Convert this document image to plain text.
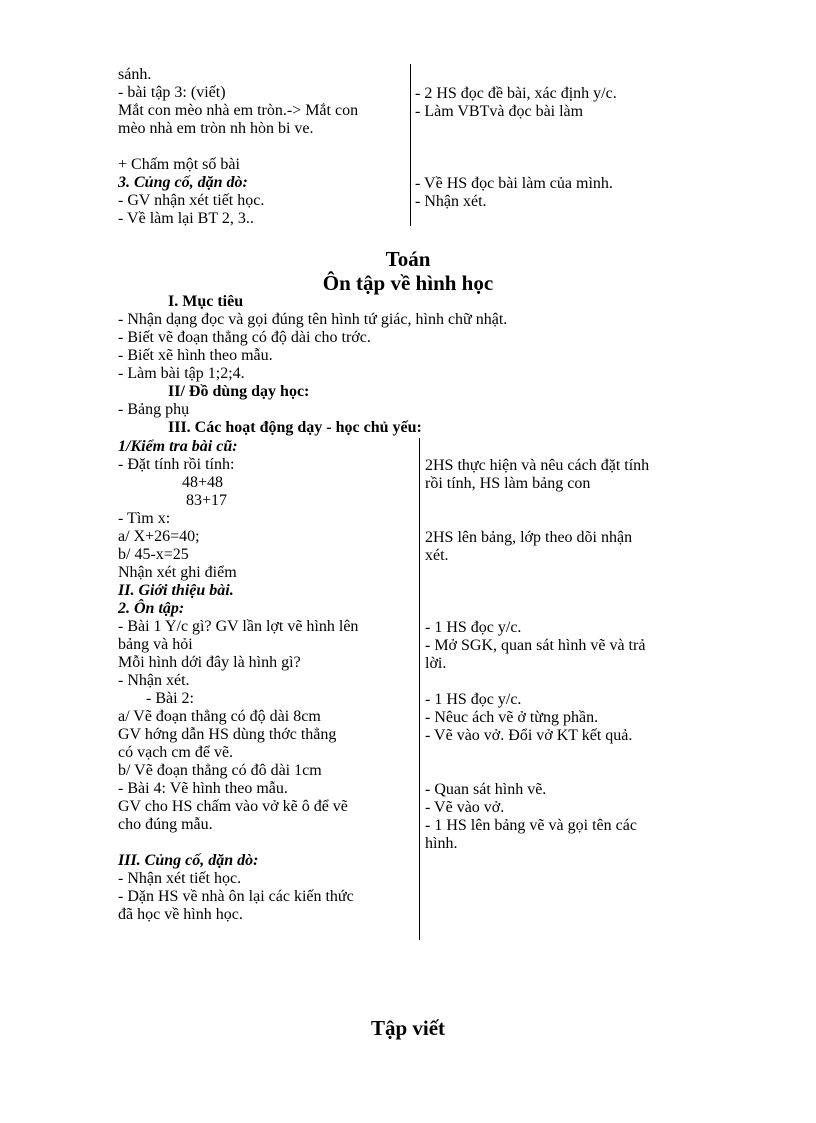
sánh.
- bài tập 3: (viết)
Mắt con mèo nhà em tròn.-> Mắt con
mèo nhà em tròn nh hòn bi ve.
+ Chấm một số bài
3. Củng cố, dặn dò:
- GV nhận xét tiết học.
- Về làm lại BT 2, 3..
- 2 HS đọc đề bài, xác định y/c.
- Làm VBTvà đọc bài làm
- Về HS đọc bài làm của mình.
- Nhận xét.
Toán
Ôn tập về hình học
I. Mục tiêu
- Nhận dạng đọc và gọi đúng tên hình tứ giác, hình chữ nhật.
- Biết vẽ đoạn thẳng có độ dài cho trớc.
- Biết xẽ hình theo mẫu.
- Làm bài tập 1;2;4.
II/ Đồ dùng dạy học:
- Bảng phụ
III. Các hoạt động dạy - học chủ yếu:
1/Kiểm tra bài cũ:
- Đặt tính rồi tính:
48+48
83+17
- Tìm x:
a/ X+26=40;
b/ 45-x=25
Nhận xét ghi điểm
II. Giới thiệu bài.
2. Ôn tập:
- Bài 1 Y/c gì? GV lần lợt vẽ hình lên
bảng và hỏi
Mỗi hình dới đây là hình gì?
- Nhận xét.
- Bài 2:
a/ Vẽ đoạn thẳng có độ dài 8cm
GV hớng dẫn HS dùng thớc thẳng
có vạch cm để vẽ.
b/ Vẽ đoạn thẳng có đô dài 1cm
- Bài 4: Vẽ hình theo mẫu.
GV cho HS chấm vào vở kẽ ô để vẽ
cho đúng mẫu.
III. Củng cố, dặn dò:
- Nhận xét tiết học.
- Dặn HS về nhà ôn lại các kiến thức
đã học về hình học.
2HS thực hiện và nêu cách đặt tính
rồi tính, HS làm bảng con
2HS lên bảng, lớp theo dõi nhận
xét.
- 1 HS đọc y/c.
- Mở SGK, quan sát hình vẽ và trả
lời.
- 1 HS đọc y/c.
- Nêuc ách vẽ ở từng phần.
- Vẽ vào vở. Đổi vở KT kết quả.
- Quan sát hình vẽ.
- Vẽ vào vở.
- 1 HS lên bảng vẽ và gọi tên các
hình.
Tập viết
